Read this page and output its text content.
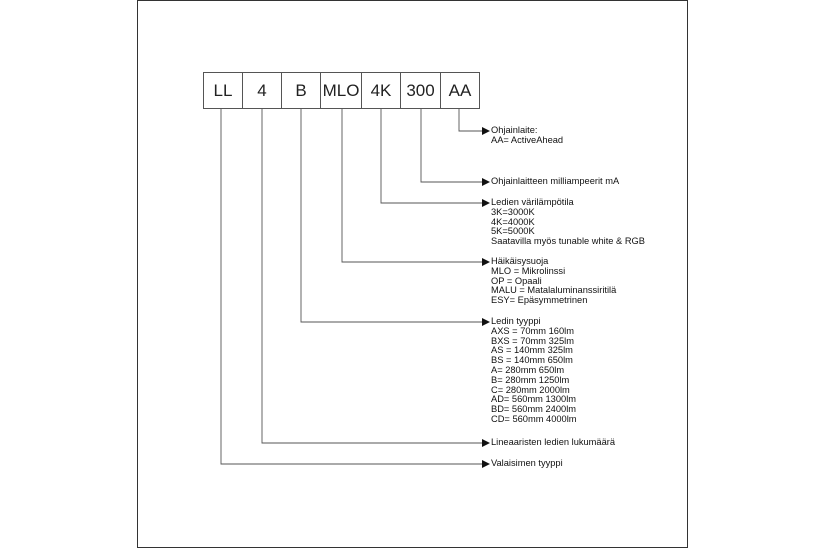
LL 4 B MLO 4K 300 AA
Ohjainlaite:
AA= ActiveAhead
Ohjainlaitteen milliampeerit mA
Ledien värilämpötila
3K=3000K
4K=4000K
5K=5000K
Saatavilla myös tunable white & RGB
Häikäisysuoja
MLO = Mikrolinssi
OP = Opaali
MALU = Matalaluminanssiritilä
ESY= Epäsymmetrinen
Ledin tyyppi
AXS = 70mm 160lm
BXS = 70mm 325lm
AS = 140mm 325lm
BS = 140mm 650lm
A= 280mm 650lm
B= 280mm 1250lm
C= 280mm 2000lm
AD= 560mm 1300lm
BD= 560mm 2400lm
CD= 560mm 4000lm
Lineaaristen ledien lukumäärä
Valaisimen tyyppi
